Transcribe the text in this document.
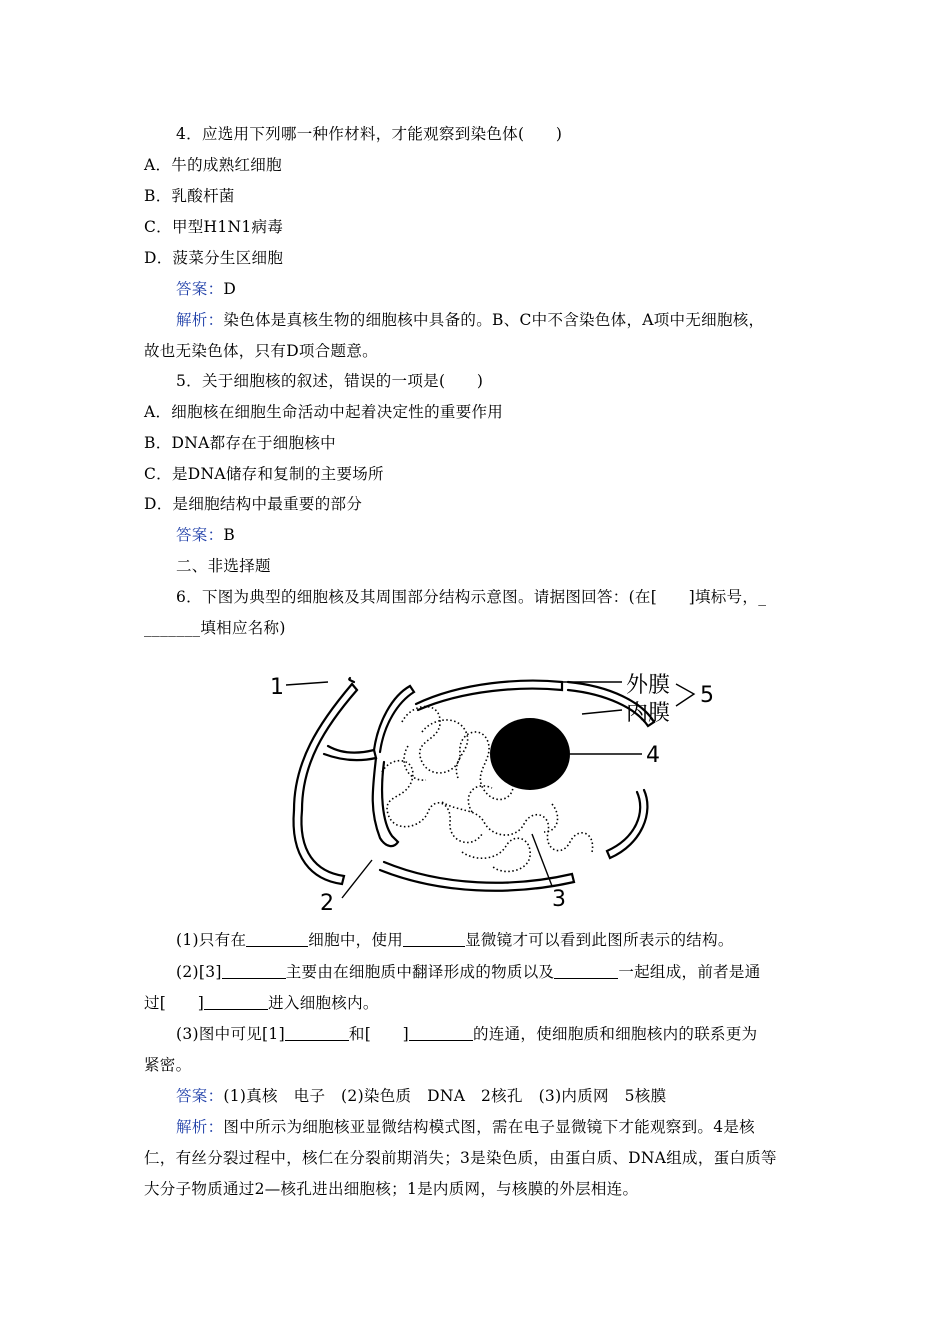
4．应选用下列哪一种作材料，才能观察到染色体(　　)
A．牛的成熟红细胞
B．乳酸杆菌
C．甲型H1N1病毒
D．菠菜分生区细胞
答案：D
解析：染色体是真核生物的细胞核中具备的。B、C中不含染色体，A项中无细胞核，
故也无染色体，只有D项合题意。
5．关于细胞核的叙述，错误的一项是(　　)
A．细胞核在细胞生命活动中起着决定性的重要作用
B．DNA都存在于细胞核中
C．是DNA储存和复制的主要场所
D．是细胞结构中最重要的部分
答案：B
二、非选择题
6．下图为典型的细胞核及其周围部分结构示意图。请据图回答：(在[　　]填标号，_
_______填相应名称)
1
2	3
4
5
外膜
内膜
(1)只有在	细胞中，使用	显微镜才可以看到此图所表示的结构。
(2)[3]	主要由在细胞质中翻译形成的物质以及	一起组成，前者是通
过[　　]	进入细胞核内。
(3)图中可见[1]	和[　　]	的连通，使细胞质和细胞核内的联系更为
紧密。
答案：(1)真核　电子　(2)染色质　DNA　2核孔　(3)内质网　5核膜
解析：图中所示为细胞核亚显微结构模式图，需在电子显微镜下才能观察到。4是核
仁，有丝分裂过程中，核仁在分裂前期消失；3是染色质，由蛋白质、DNA组成，蛋白质等
大分子物质通过2—核孔进出细胞核；1是内质网，与核膜的外层相连。
